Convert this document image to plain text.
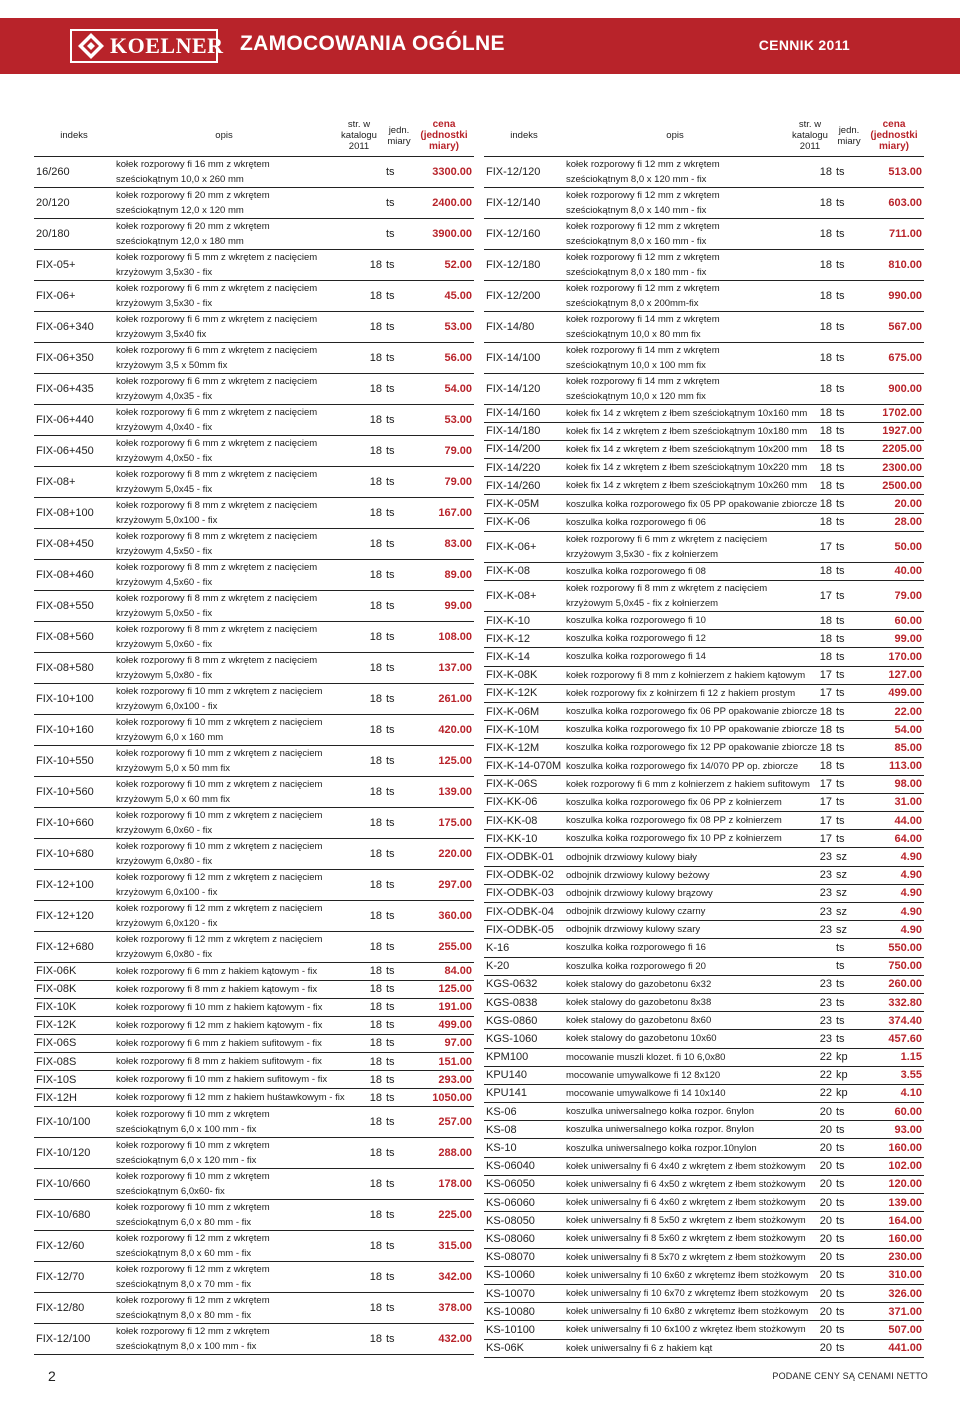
KOELNER ZAMOCOWANIA OGÓLNE	CENNIK 2011
indeks	opis	str. w katalogu 2011	jedn. miary	cena (jednostki miary)
16/260	kołek rozporowy fi 16 mm z wkrętem sześciokątnym 10,0 x 260 mm		ts	3300.00
20/120	kołek rozporowy fi 20 mm z wkrętem sześciokątnym 12,0 x 120 mm		ts	2400.00
20/180	kołek rozporowy fi 20 mm z wkrętem sześciokątnym 12,0 x 180 mm		ts	3900.00
FIX-05+	kołek rozporowy fi 5 mm z wkrętem z nacięciem krzyżowym 3,5x30 - fix	18	ts	52.00
FIX-06+	kołek rozporowy fi 6 mm z wkrętem z nacięciem krzyżowym 3,5x30 - fix	18	ts	45.00
FIX-06+340	kołek rozporowy fi 6 mm z wkrętem z nacięciem krzyżowym 3,5x40 fix	18	ts	53.00
FIX-06+350	kołek rozporowy fi 6 mm z wkrętem z nacięciem krzyżowym 3,5 x 50mm fix	18	ts	56.00
FIX-06+435	kołek rozporowy fi 6 mm z wkrętem z nacięciem krzyżowym 4,0x35 - fix	18	ts	54.00
FIX-06+440	kołek rozporowy fi 6 mm z wkrętem z nacięciem krzyżowym 4,0x40 - fix	18	ts	53.00
FIX-06+450	kołek rozporowy fi 6 mm z wkrętem z nacięciem krzyżowym 4,0x50 - fix	18	ts	79.00
FIX-08+	kołek rozporowy fi 8 mm z wkrętem z nacięciem krzyżowym 5,0x45 - fix	18	ts	79.00
FIX-08+100	kołek rozporowy fi 8 mm z wkrętem z nacięciem krzyżowym 5,0x100 - fix	18	ts	167.00
FIX-08+450	kołek rozporowy fi 8 mm z wkrętem z nacięciem krzyżowym 4,5x50 - fix	18	ts	83.00
FIX-08+460	kołek rozporowy fi 8 mm z wkrętem z nacięciem krzyżowym 4,5x60 - fix	18	ts	89.00
FIX-08+550	kołek rozporowy fi 8 mm z wkrętem z nacięciem krzyżowym 5,0x50 - fix	18	ts	99.00
FIX-08+560	kołek rozporowy fi 8 mm z wkrętem z nacięciem krzyżowym 5,0x60 - fix	18	ts	108.00
FIX-08+580	kołek rozporowy fi 8 mm z wkrętem z nacięciem krzyżowym 5,0x80 - fix	18	ts	137.00
FIX-10+100	kołek rozporowy fi 10 mm z wkrętem z nacięciem krzyżowym 6,0x100 - fix	18	ts	261.00
FIX-10+160	kołek rozporowy fi 10 mm z wkrętem z nacięciem krzyżowym 6,0 x 160 mm	18	ts	420.00
FIX-10+550	kołek rozporowy fi 10 mm z wkrętem z nacięciem krzyżowym 5,0 x 50 mm fix	18	ts	125.00
FIX-10+560	kołek rozporowy fi 10 mm z wkrętem z nacięciem krzyżowym 5,0 x 60 mm fix	18	ts	139.00
FIX-10+660	kołek rozporowy fi 10 mm z wkrętem z nacięciem krzyżowym 6,0x60 - fix	18	ts	175.00
FIX-10+680	kołek rozporowy fi 10 mm z wkrętem z nacięciem krzyżowym 6,0x80 - fix	18	ts	220.00
FIX-12+100	kołek rozporowy fi 12 mm z wkrętem z nacięciem krzyżowym 6,0x100 - fix	18	ts	297.00
FIX-12+120	kołek rozporowy fi 12 mm z wkrętem z nacięciem krzyżowym 6,0x120 - fix	18	ts	360.00
FIX-12+680	kołek rozporowy fi 12 mm z wkrętem z nacięciem krzyżowym 6,0x80 - fix	18	ts	255.00
FIX-06K	kołek rozporowy fi 6 mm z hakiem kątowym - fix	18	ts	84.00
FIX-08K	kołek rozporowy fi 8 mm z hakiem kątowym - fix	18	ts	125.00
FIX-10K	kołek rozporowy fi 10 mm z hakiem kątowym - fix	18	ts	191.00
FIX-12K	kołek rozporowy fi 12 mm z hakiem kątowym - fix	18	ts	499.00
FIX-06S	kołek rozporowy fi 6 mm z hakiem sufitowym - fix	18	ts	97.00
FIX-08S	kołek rozporowy fi 8 mm z hakiem sufitowym - fix	18	ts	151.00
FIX-10S	kołek rozporowy fi 10 mm z hakiem sufitowym - fix	18	ts	293.00
FIX-12H	kołek rozporowy fi 12 mm z hakiem huśtawkowym - fix	18	ts	1050.00
FIX-10/100	kołek rozporowy fi 10 mm z wkrętem sześciokątnym 6,0 x 100 mm - fix	18	ts	257.00
FIX-10/120	kołek rozporowy fi 10 mm z wkrętem sześciokątnym 6,0 x 120 mm - fix	18	ts	288.00
FIX-10/660	kołek rozporowy fi 10 mm z wkrętem sześciokątnym 6,0x60- fix	18	ts	178.00
FIX-10/680	kołek rozporowy fi 10 mm z wkrętem sześciokątnym 6,0 x 80 mm - fix	18	ts	225.00
FIX-12/60	kołek rozporowy fi 12 mm z wkrętem sześciokątnym 8,0 x 60 mm - fix	18	ts	315.00
FIX-12/70	kołek rozporowy fi 12 mm z wkrętem sześciokątnym 8,0 x 70 mm - fix	18	ts	342.00
FIX-12/80	kołek rozporowy fi 12 mm z wkrętem sześciokątnym 8,0 x 80 mm - fix	18	ts	378.00
FIX-12/100	kołek rozporowy fi 12 mm z wkrętem sześciokątnym 8,0 x 100 mm - fix	18	ts	432.00
indeks	opis	str. w katalogu 2011	jedn. miary	cena (jednostki miary)
FIX-12/120	kołek rozporowy fi 12 mm z wkrętem sześciokątnym 8,0 x 120 mm - fix	18	ts	513.00
FIX-12/140	kołek rozporowy fi 12 mm z wkrętem sześciokątnym 8,0 x 140 mm - fix	18	ts	603.00
FIX-12/160	kołek rozporowy fi 12 mm z wkrętem sześciokątnym 8,0 x 160 mm - fix	18	ts	711.00
FIX-12/180	kołek rozporowy fi 12 mm z wkrętem sześciokątnym 8,0 x 180 mm - fix	18	ts	810.00
FIX-12/200	kołek rozporowy fi 12 mm z wkrętem sześciokątnym 8,0 x 200mm-fix	18	ts	990.00
FIX-14/80	kołek rozporowy fi 14 mm z wkrętem sześciokątnym 10,0 x 80 mm fix	18	ts	567.00
FIX-14/100	kołek rozporowy fi 14 mm z wkrętem sześciokątnym 10,0 x 100 mm fix	18	ts	675.00
FIX-14/120	kołek rozporowy fi 14 mm z wkrętem sześciokątnym 10,0 x 120 mm fix	18	ts	900.00
FIX-14/160	kołek fix 14 z wkrętem z łbem sześciokątnym 10x160 mm	18	ts	1702.00
FIX-14/180	kołek fix 14 z wkrętem z łbem sześciokątnym 10x180 mm	18	ts	1927.00
FIX-14/200	kołek fix 14 z wkrętem z łbem sześciokątnym 10x200 mm	18	ts	2205.00
FIX-14/220	kołek fix 14 z wkrętem z łbem sześciokątnym 10x220 mm	18	ts	2300.00
FIX-14/260	kołek fix 14 z wkrętem z łbem sześciokątnym 10x260 mm	18	ts	2500.00
FIX-K-05M	koszulka kołka rozporowego fix 05 PP opakowanie zbiorcze	18	ts	20.00
FIX-K-06	koszulka kołka rozporowego fi 06	18	ts	28.00
FIX-K-06+	kołek rozporowy fi 6 mm z wkrętem z nacięciem krzyżowym 3,5x30 - fix z kołnierzem	17	ts	50.00
FIX-K-08	koszulka kołka rozporowego fi 08	18	ts	40.00
FIX-K-08+	kołek rozporowy fi 8 mm z wkrętem z nacięciem krzyżowym 5,0x45 - fix z kołnierzem	17	ts	79.00
FIX-K-10	koszulka kołka rozporowego fi 10	18	ts	60.00
FIX-K-12	koszulka kołka rozporowego fi 12	18	ts	99.00
FIX-K-14	koszulka kołka rozporowego fi 14	18	ts	170.00
FIX-K-08K	kołek rozporowy fi 8 mm z kołnierzem z hakiem kątowym	17	ts	127.00
FIX-K-12K	kołek rozporowy fix z kołnirzem fi 12 z hakiem prostym	17	ts	499.00
FIX-K-06M	koszulka kołka rozporowego fix 06 PP opakowanie zbiorcze	18	ts	22.00
FIX-K-10M	koszulka kołka rozporowego fix 10 PP opakowanie zbiorcze	18	ts	54.00
FIX-K-12M	koszulka kołka rozporowego fix 12 PP opakowanie zbiorcze	18	ts	85.00
FIX-K-14-070M	koszulka kołka rozporowego fix 14/070 PP op. zbiorcze	18	ts	113.00
FIX-K-06S	kołek rozporowy fi 6 mm z kołnierzem z hakiem sufitowym	17	ts	98.00
FIX-KK-06	koszulka kołka rozporowego fix 06 PP z kołnierzem	17	ts	31.00
FIX-KK-08	koszulka kołka rozporowego fix 08 PP z kołnierzem	17	ts	44.00
FIX-KK-10	koszulka kołka rozporowego fix 10 PP z kołnierzem	17	ts	64.00
FIX-ODBK-01	odbojnik drzwiowy kulowy biały	23	sz	4.90
FIX-ODBK-02	odbojnik drzwiowy kulowy beżowy	23	sz	4.90
FIX-ODBK-03	odbojnik drzwiowy kulowy brązowy	23	sz	4.90
FIX-ODBK-04	odbojnik drzwiowy kulowy czarny	23	sz	4.90
FIX-ODBK-05	odbojnik drzwiowy kulowy szary	23	sz	4.90
K-16	koszulka kołka rozporowego fi 16		ts	550.00
K-20	koszulka kołka rozporowego fi 20		ts	750.00
KGS-0632	kołek stalowy do gazobetonu 6x32	23	ts	260.00
KGS-0838	kołek stalowy do gazobetonu 8x38	23	ts	332.80
KGS-0860	kołek stalowy do gazobetonu 8x60	23	ts	374.40
KGS-1060	kołek stalowy do gazobetonu 10x60	23	ts	457.60
KPM100	mocowanie muszli klozet. fi 10 6,0x80	22	kp	1.15
KPU140	mocowanie umywalkowe fi 12 8x120	22	kp	3.55
KPU141	mocowanie umywalkowe fi 14 10x140	22	kp	4.10
KS-06	koszulka uniwersalnego kołka rozpor. 6nylon	20	ts	60.00
KS-08	koszulka uniwersalnego kołka rozpor. 8nylon	20	ts	93.00
KS-10	koszulka uniwersalnego kołka rozpor.10nylon	20	ts	160.00
KS-06040	kołek uniwersalny fi 6 4x40 z wkrętem z łbem stożkowym	20	ts	102.00
KS-06050	kołek uniwersalny fi 6 4x50 z wkrętem z łbem stożkowym	20	ts	120.00
KS-06060	kołek uniwersalny fi 6 4x60 z wkrętem z łbem stożkowym	20	ts	139.00
KS-08050	kołek uniwersalny fi 8 5x50 z wkrętem z łbem stożkowym	20	ts	164.00
KS-08060	kołek uniwersalny fi 8 5x60 z wkrętem z łbem stożkowym	20	ts	160.00
KS-08070	kołek uniwersalny fi 8 5x70 z wkrętem z łbem stożkowym	20	ts	230.00
KS-10060	kołek uniwersalny fi 10 6x60 z wkrętemz łbem stożkowym	20	ts	310.00
KS-10070	kołek uniwersalny fi 10 6x70 z wkrętemz łbem stożkowym	20	ts	326.00
KS-10080	kołek uniwersalny fi 10 6x80 z wkrętemz łbem stożkowym	20	ts	371.00
KS-10100	kołek uniwersalny fi 10 6x100 z wkrętez łbem stożkowym	20	ts	507.00
KS-06K	kołek uniwersalny fi 6 z hakiem kąt	20	ts	441.00
2	PODANE CENY SĄ CENAMI NETTO
